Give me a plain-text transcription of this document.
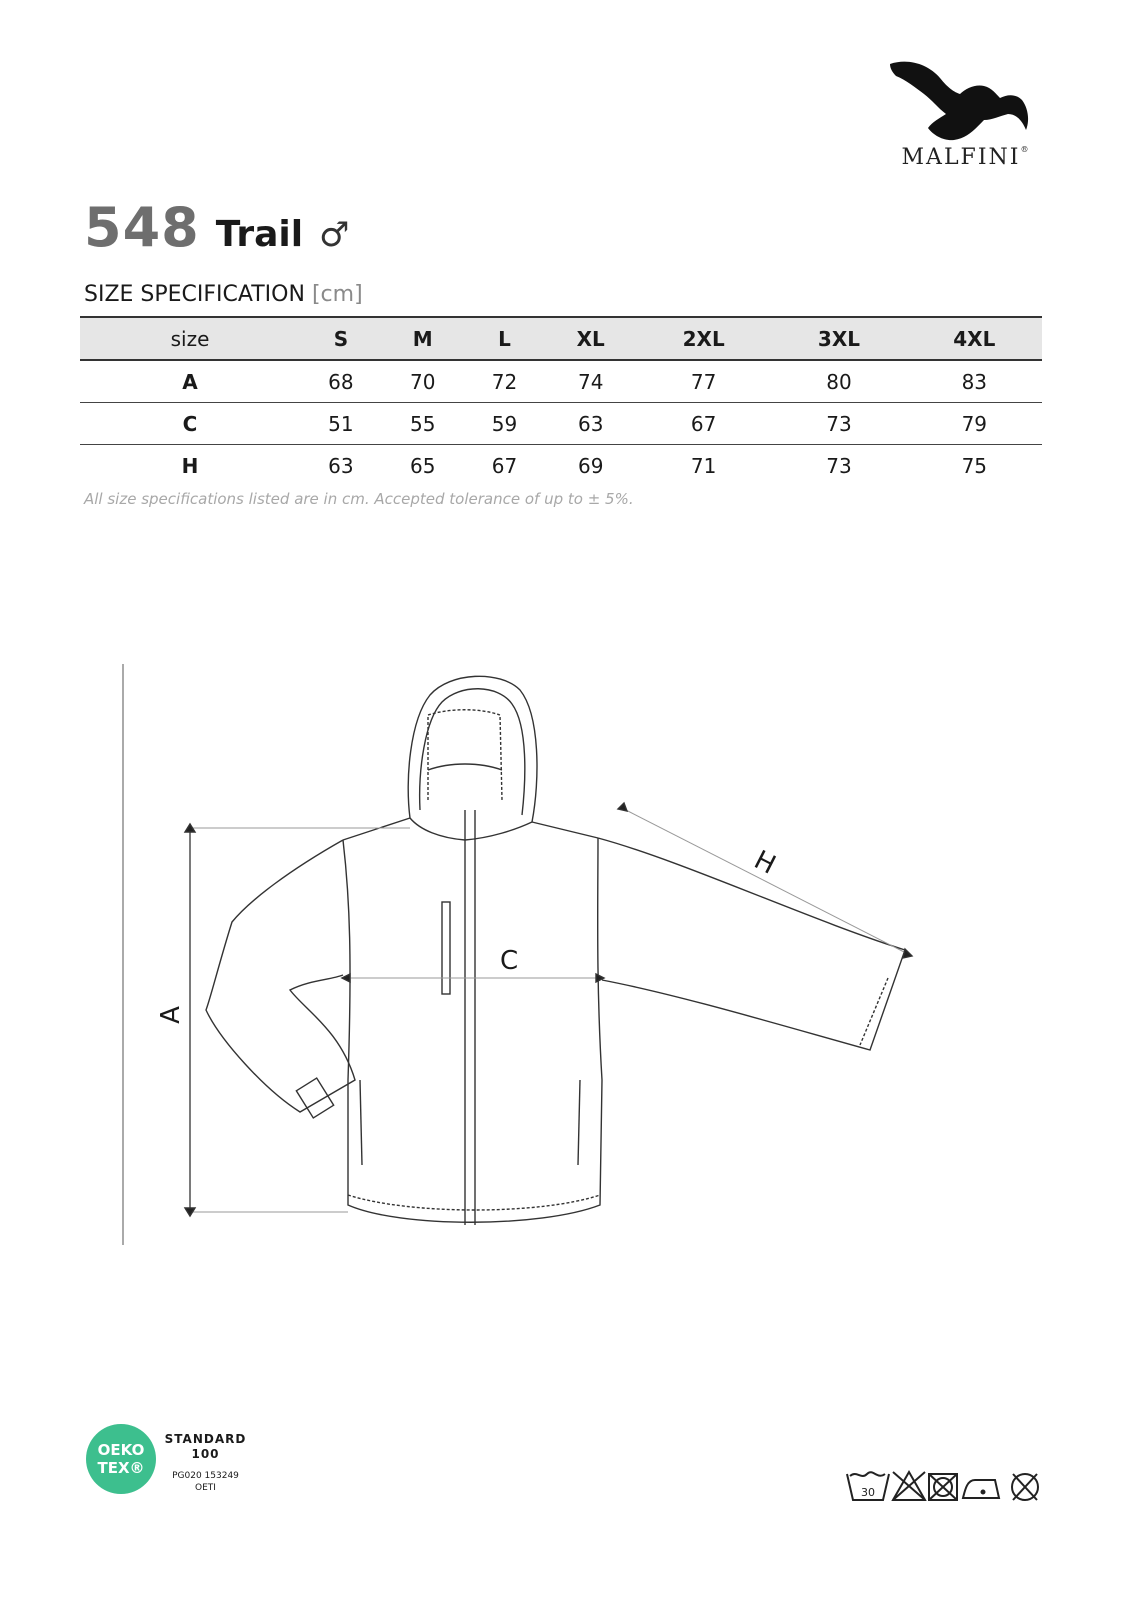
MALFINI®
548 Trail ♂
SIZE SPECIFICATION [cm]
size	S	M	L	XL	2XL	3XL	4XL
A	68	70	72	74	77	80	83
C	51	55	59	63	67	73	79
H	63	65	67	69	71	73	75
All size specifications listed are in cm. Accepted tolerance of up to ± 5%.
A
C
H
OEKO
TEX®
STANDARD
100
PG020 153249
OETI	30
